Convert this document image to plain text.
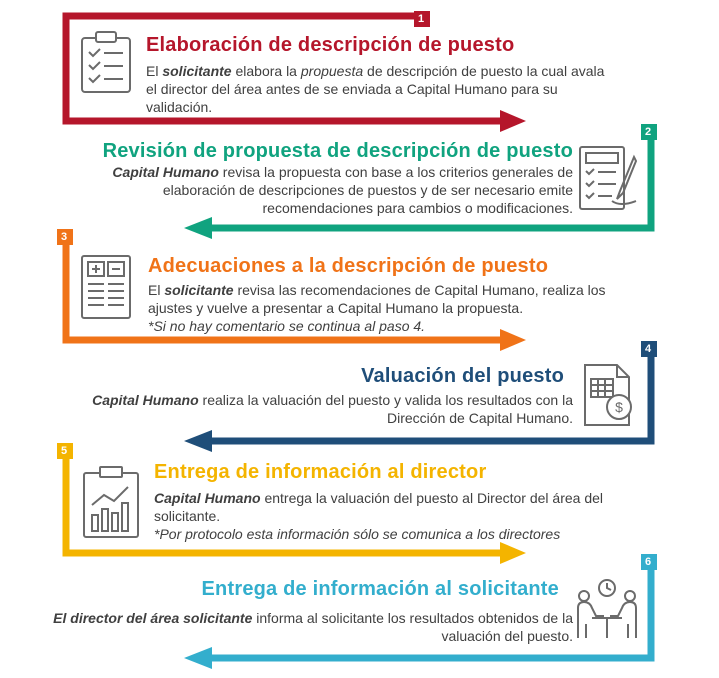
1
2
3
4
5
6
$
Elaboración de descripción de puesto
Revisión de propuesta de descripción de puesto
Adecuaciones a la descripción de puesto
Valuación del puesto
Entrega de información al director
Entrega de información al solicitante
El solicitante elabora la propuesta de descripción de puesto la cual avala el director del área antes de se enviada a Capital Humano para su validación.
Capital Humano revisa la propuesta con base a los criterios generales de elaboración de descripciones de puestos y de ser necesario emite recomendaciones para cambios o modificaciones.
El solicitante revisa las recomendaciones de Capital Humano, realiza los ajustes y vuelve a presentar a Capital Humano la propuesta.
*Si no hay comentario se continua al paso 4.
Capital Humano realiza la valuación del puesto y valida los resultados con la Dirección de Capital Humano.
Capital Humano entrega la valuación del puesto al Director del área del solicitante.
*Por protocolo esta información sólo se comunica a los directores
El director del área solicitante informa al solicitante los resultados obtenidos de la valuación del puesto.
